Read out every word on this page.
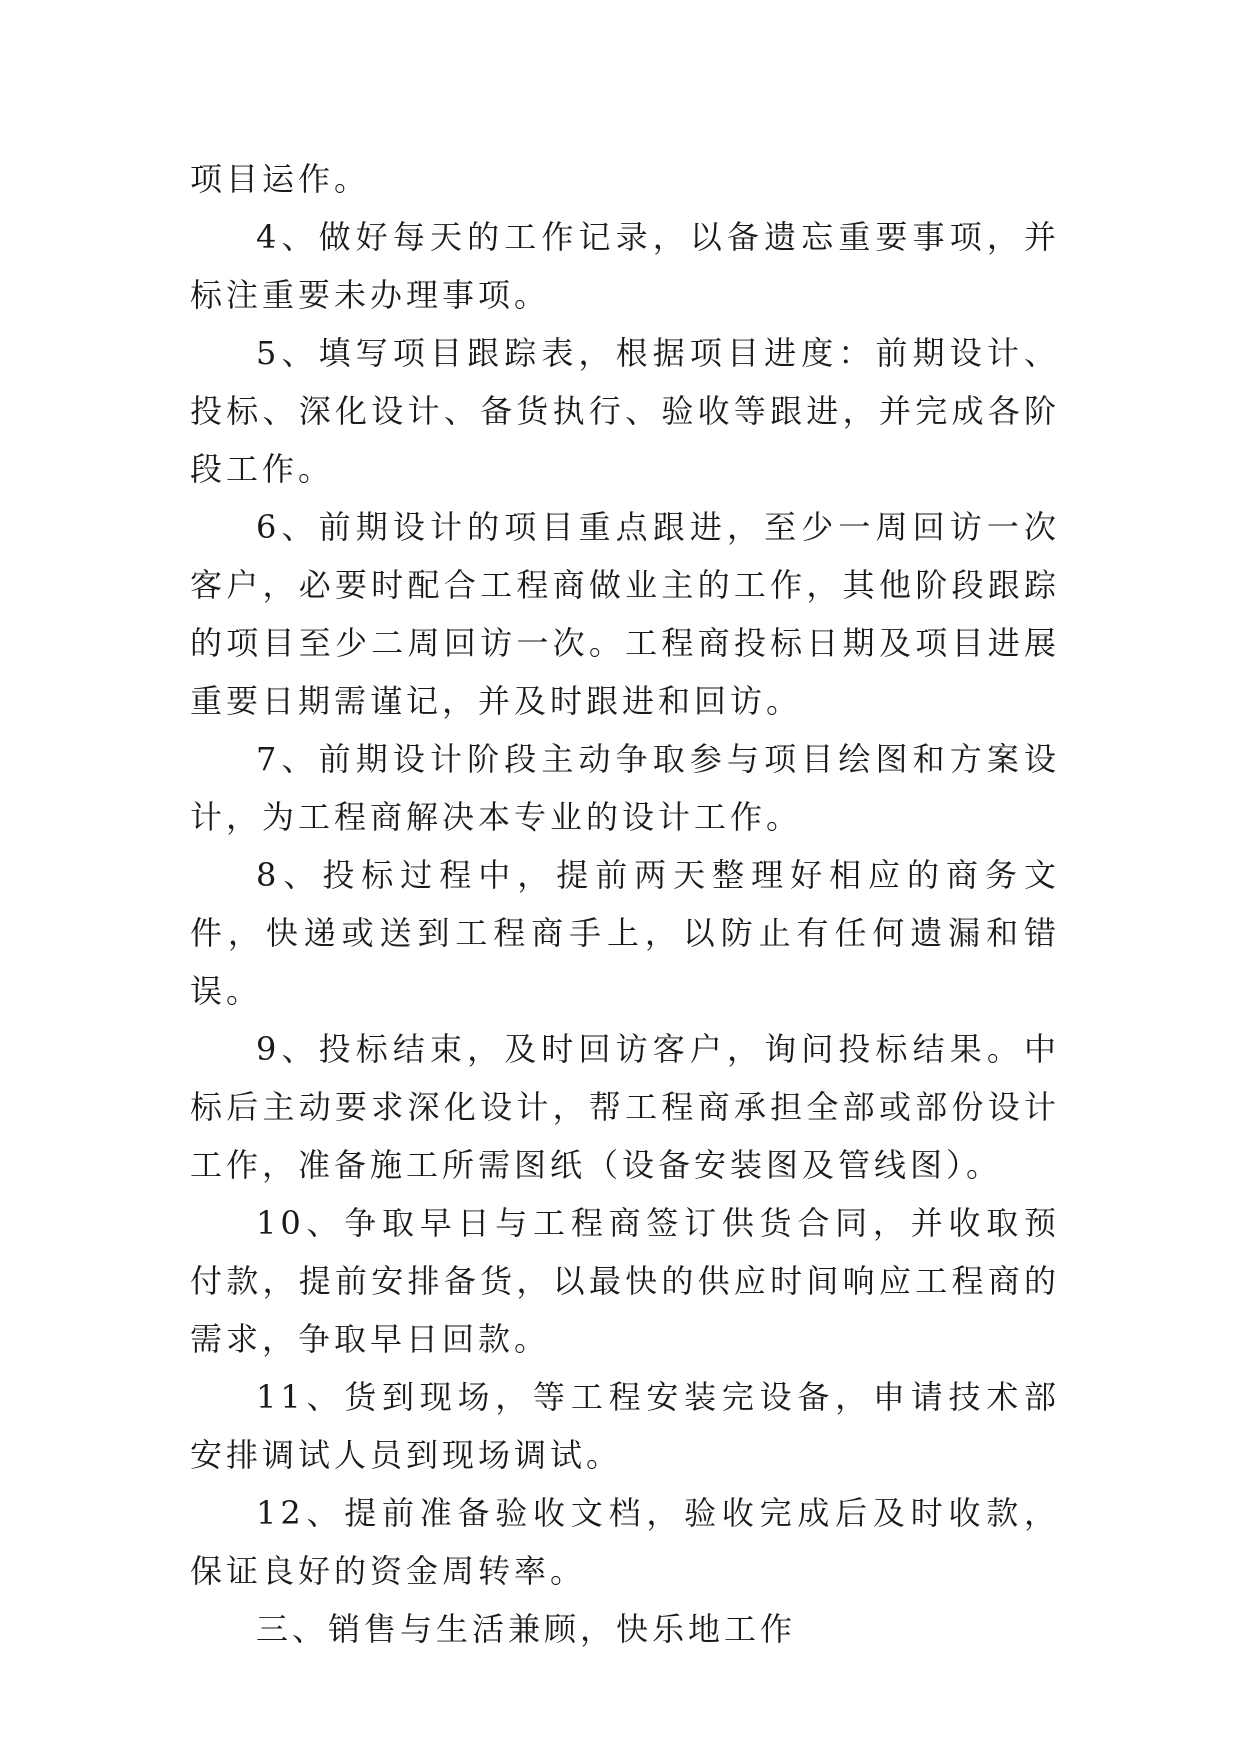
项目运作。

4、做好每天的工作记录，以备遗忘重要事项，并标注重要未办理事项。

5、填写项目跟踪表，根据项目进度：前期设计、投标、深化设计、备货执行、验收等跟进，并完成各阶段工作。

6、前期设计的项目重点跟进，至少一周回访一次客户，必要时配合工程商做业主的工作，其他阶段跟踪的项目至少二周回访一次。工程商投标日期及项目进展重要日期需谨记，并及时跟进和回访。

7、前期设计阶段主动争取参与项目绘图和方案设计，为工程商解决本专业的设计工作。

8、投标过程中，提前两天整理好相应的商务文件，快递或送到工程商手上，以防止有任何遗漏和错误。

9、投标结束，及时回访客户，询问投标结果。中标后主动要求深化设计，帮工程商承担全部或部份设计工作，准备施工所需图纸（设备安装图及管线图）。

10、争取早日与工程商签订供货合同，并收取预付款，提前安排备货，以最快的供应时间响应工程商的需求，争取早日回款。

11、货到现场，等工程安装完设备，申请技术部安排调试人员到现场调试。

12、提前准备验收文档，验收完成后及时收款，保证良好的资金周转率。

三、销售与生活兼顾，快乐地工作
